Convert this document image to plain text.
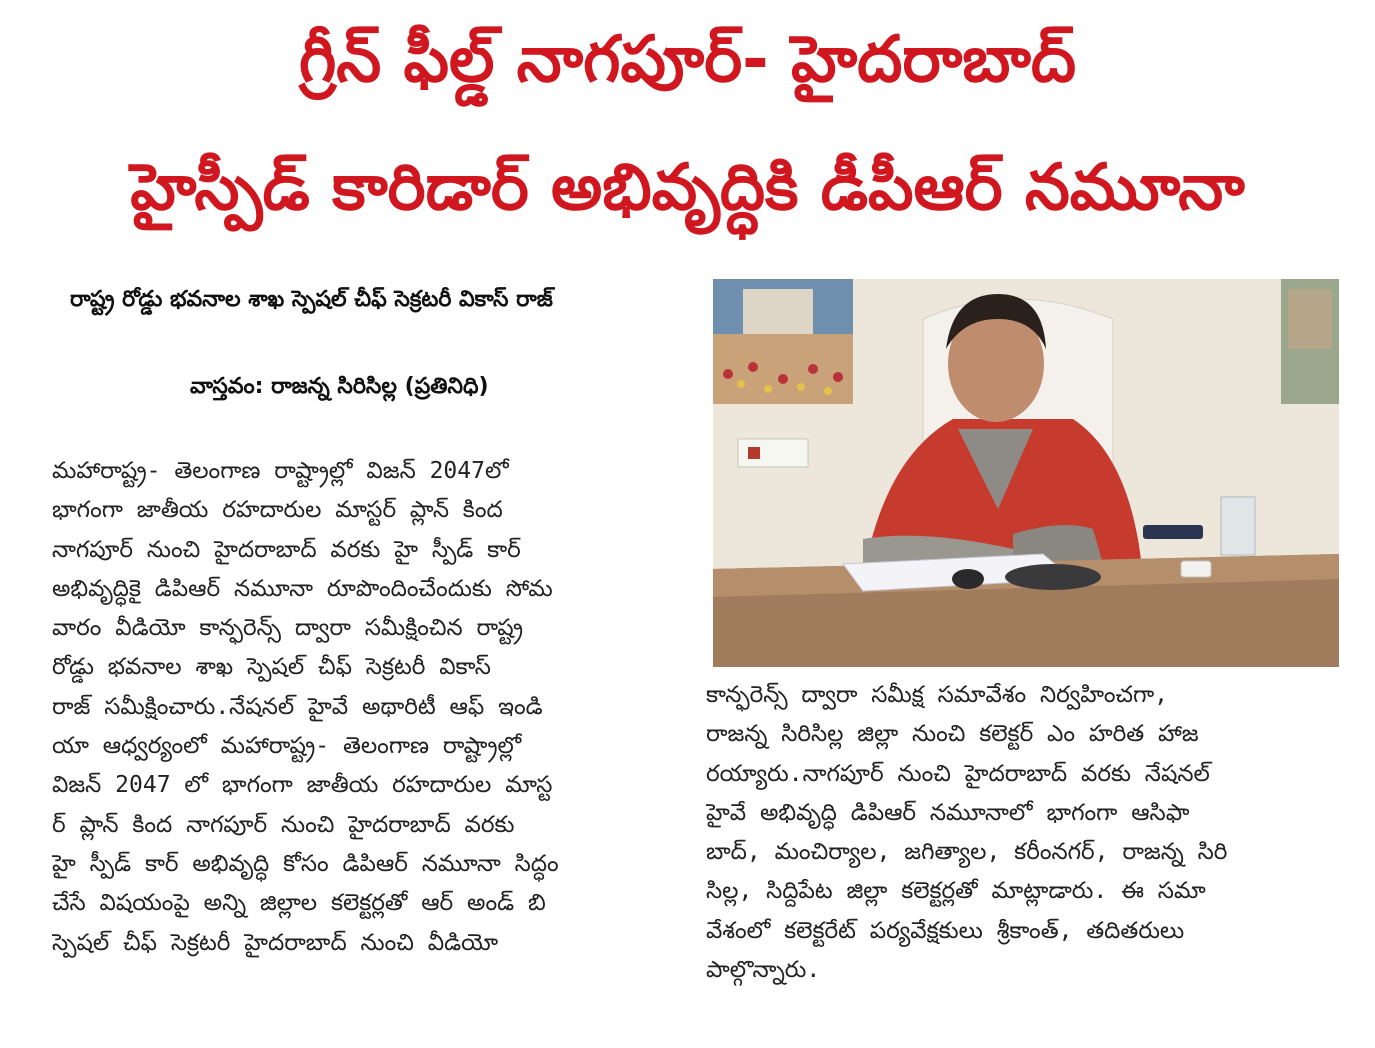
గ్రీన్ ఫీల్డ్ నాగపూర్- హైదరాబాద్
హైస్పీడ్ కారిడార్ అభివృద్ధికి డీపీఆర్ నమూనా
రాష్ట్ర రోడ్డు భవనాల శాఖ స్పెషల్ చీఫ్ సెక్రటరీ వికాస్ రాజ్
వాస్తవం: రాజన్న సిరిసిల్ల (ప్రతినిధి)
మహారాష్ట్ర- తెలంగాణ రాష్ట్రాల్లో విజన్ 2047లో
భాగంగా జాతీయ రహదారుల మాస్టర్ ప్లాన్ కింద
నాగపూర్ నుంచి హైదరాబాద్ వరకు హై స్పీడ్ కార్
అభివృద్ధికై డిపిఆర్ నమూనా రూపొందించేందుకు సోమ
వారం వీడియో కాన్ఫరెన్స్ ద్వారా సమీక్షించిన రాష్ట్ర
రోడ్డు భవనాల శాఖ స్పెషల్ చీఫ్ సెక్రటరీ వికాస్
రాజ్ సమీక్షించారు.నేషనల్ హైవే అథారిటీ ఆఫ్ ఇండి
యా ఆధ్వర్యంలో మహారాష్ట్ర- తెలంగాణ రాష్ట్రాల్లో
విజన్ 2047 లో భాగంగా జాతీయ రహదారుల మాస్ట
ర్ ప్లాన్ కింద నాగపూర్ నుంచి హైదరాబాద్ వరకు
హై స్పీడ్ కార్ అభివృద్ధి కోసం డిపిఆర్ నమూనా సిద్ధం
చేసే విషయంపై అన్ని జిల్లాల కలెక్టర్లతో ఆర్ అండ్ బి
స్పెషల్ చీఫ్ సెక్రటరీ హైదరాబాద్ నుంచి వీడియో
కాన్ఫరెన్స్ ద్వారా సమీక్ష సమావేశం నిర్వహించగా,
రాజన్న సిరిసిల్ల జిల్లా నుంచి కలెక్టర్ ఎం హరిత హాజ
రయ్యారు.నాగపూర్ నుంచి హైదరాబాద్ వరకు నేషనల్
హైవే అభివృద్ధి డిపిఆర్ నమూనాలో భాగంగా ఆసిఫా
బాద్, మంచిర్యాల, జగిత్యాల, కరీంనగర్, రాజన్న సిరి
సిల్ల, సిద్దిపేట జిల్లా కలెక్టర్లతో మాట్లాడారు. ఈ సమా
వేశంలో కలెక్టరేట్ పర్యవేక్షకులు శ్రీకాంత్, తదితరులు
పాల్గొన్నారు.
